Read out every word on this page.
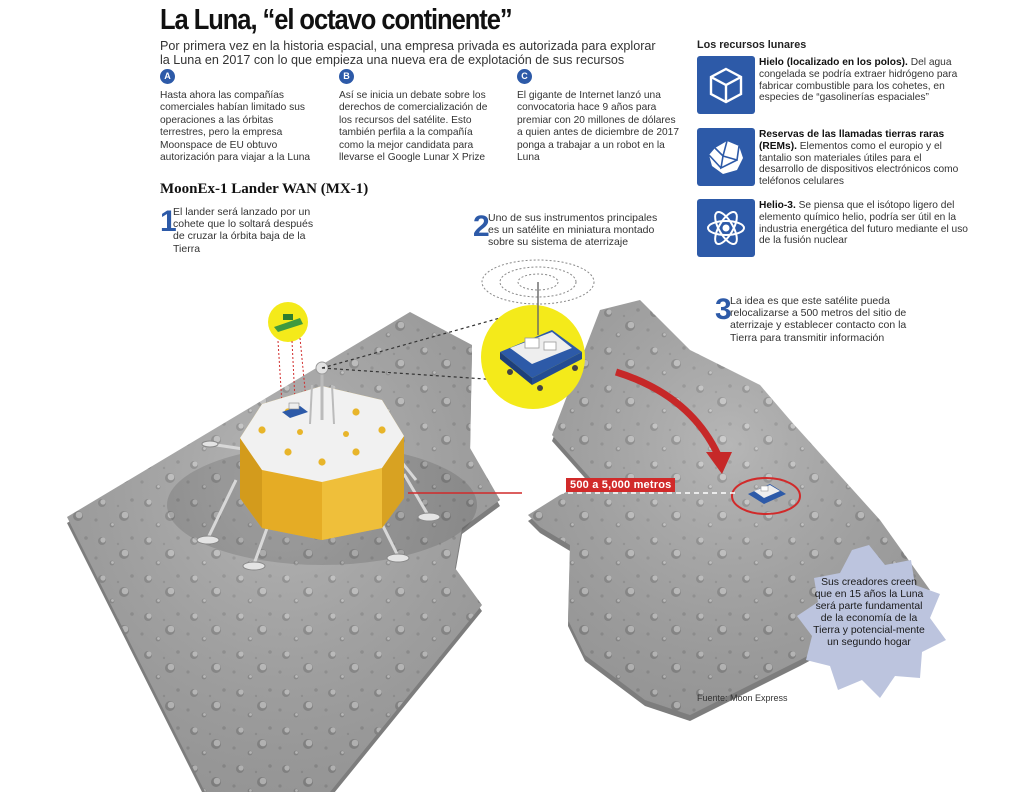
La Luna, “el octavo continente”
Por primera vez en la historia espacial, una empresa privada es autorizada para explorar la Luna en 2017 con lo que empieza una nueva era de explotación de sus recursos
A
Hasta ahora las compañías comerciales habían limitado sus operaciones a las órbitas terrestres, pero la empresa Moonspace de EU obtuvo autorización para viajar a la Luna
B
Así se inicia un debate sobre los derechos de comercialización de los recursos del satélite. Esto también perfila a la compañía como la mejor candidata para llevarse el Google Lunar X Prize
C
El gigante de Internet lanzó una convocatoria hace 9 años para premiar con 20 millones de dólares a quien antes de diciembre de 2017 ponga a trabajar a un robot en la Luna
MoonEx-1 Lander WAN (MX-1)
1
El lander será lanzado por un cohete que lo soltará después de cruzar la órbita baja de la Tierra
2
Uno de sus instrumentos principales es un satélite en miniatura montado sobre su sistema de aterrizaje
3
La idea es que este satélite pueda relocalizarse a 500 metros del sitio de aterrizaje y establecer contacto con la Tierra para transmitir información
Los recursos lunares
Hielo (localizado en los polos). Del agua congelada se podría extraer hidrógeno para fabricar combustible para los cohetes, en especies de “gasolinerías espaciales”
Reservas de las llamadas tierras raras (REMs). Elementos como el europio y el tantalio son materiales útiles para el desarrollo de dispositivos electrónicos como teléfonos celulares
Helio-3. Se piensa que el isótopo ligero del elemento químico helio, podría ser útil en la industria energética del futuro mediante el uso de la fusión nuclear
500 a 5,000 metros
Sus creadores creen que en 15 años la Luna será parte fundamental de la economía de la Tierra y potencial-mente un segundo hogar
Fuente: Moon Express
